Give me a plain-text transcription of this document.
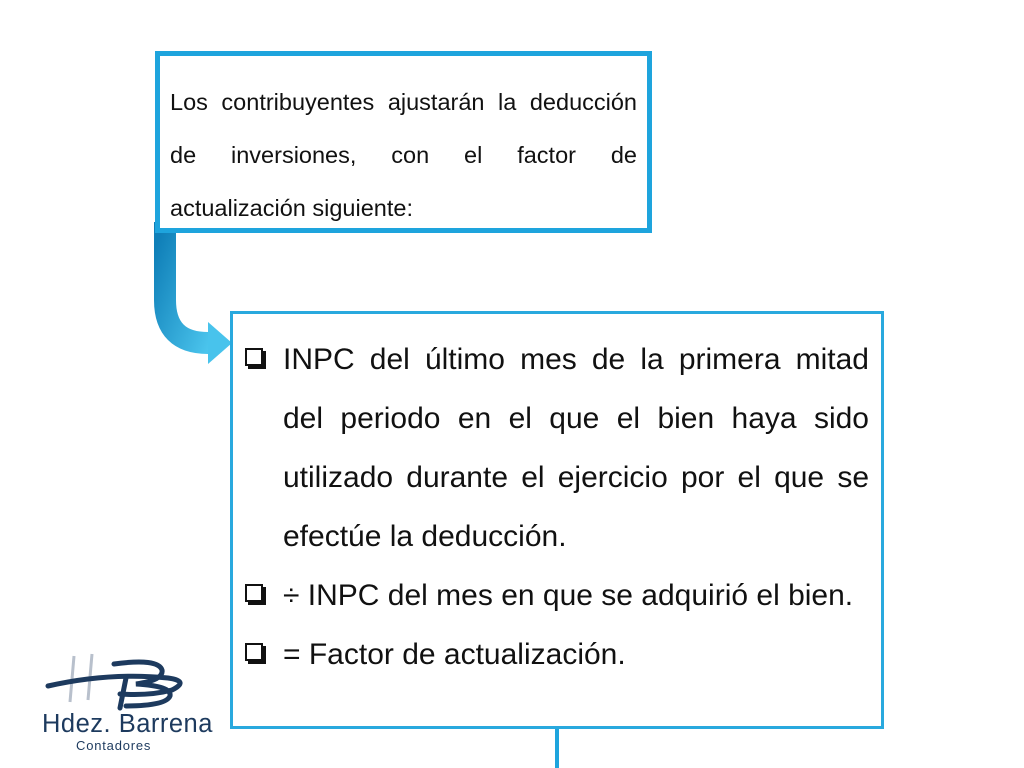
Los contribuyentes ajustarán la deducción de inversiones, con el factor de actualización siguiente:

INPC del último mes de la primera mitad del periodo en el que el bien haya sido utilizado durante el ejercicio por el que se efectúe la deducción.
÷ INPC del mes en que se adquirió el bien.
= Factor de actualización.
Hdez. Barrena
Contadores
